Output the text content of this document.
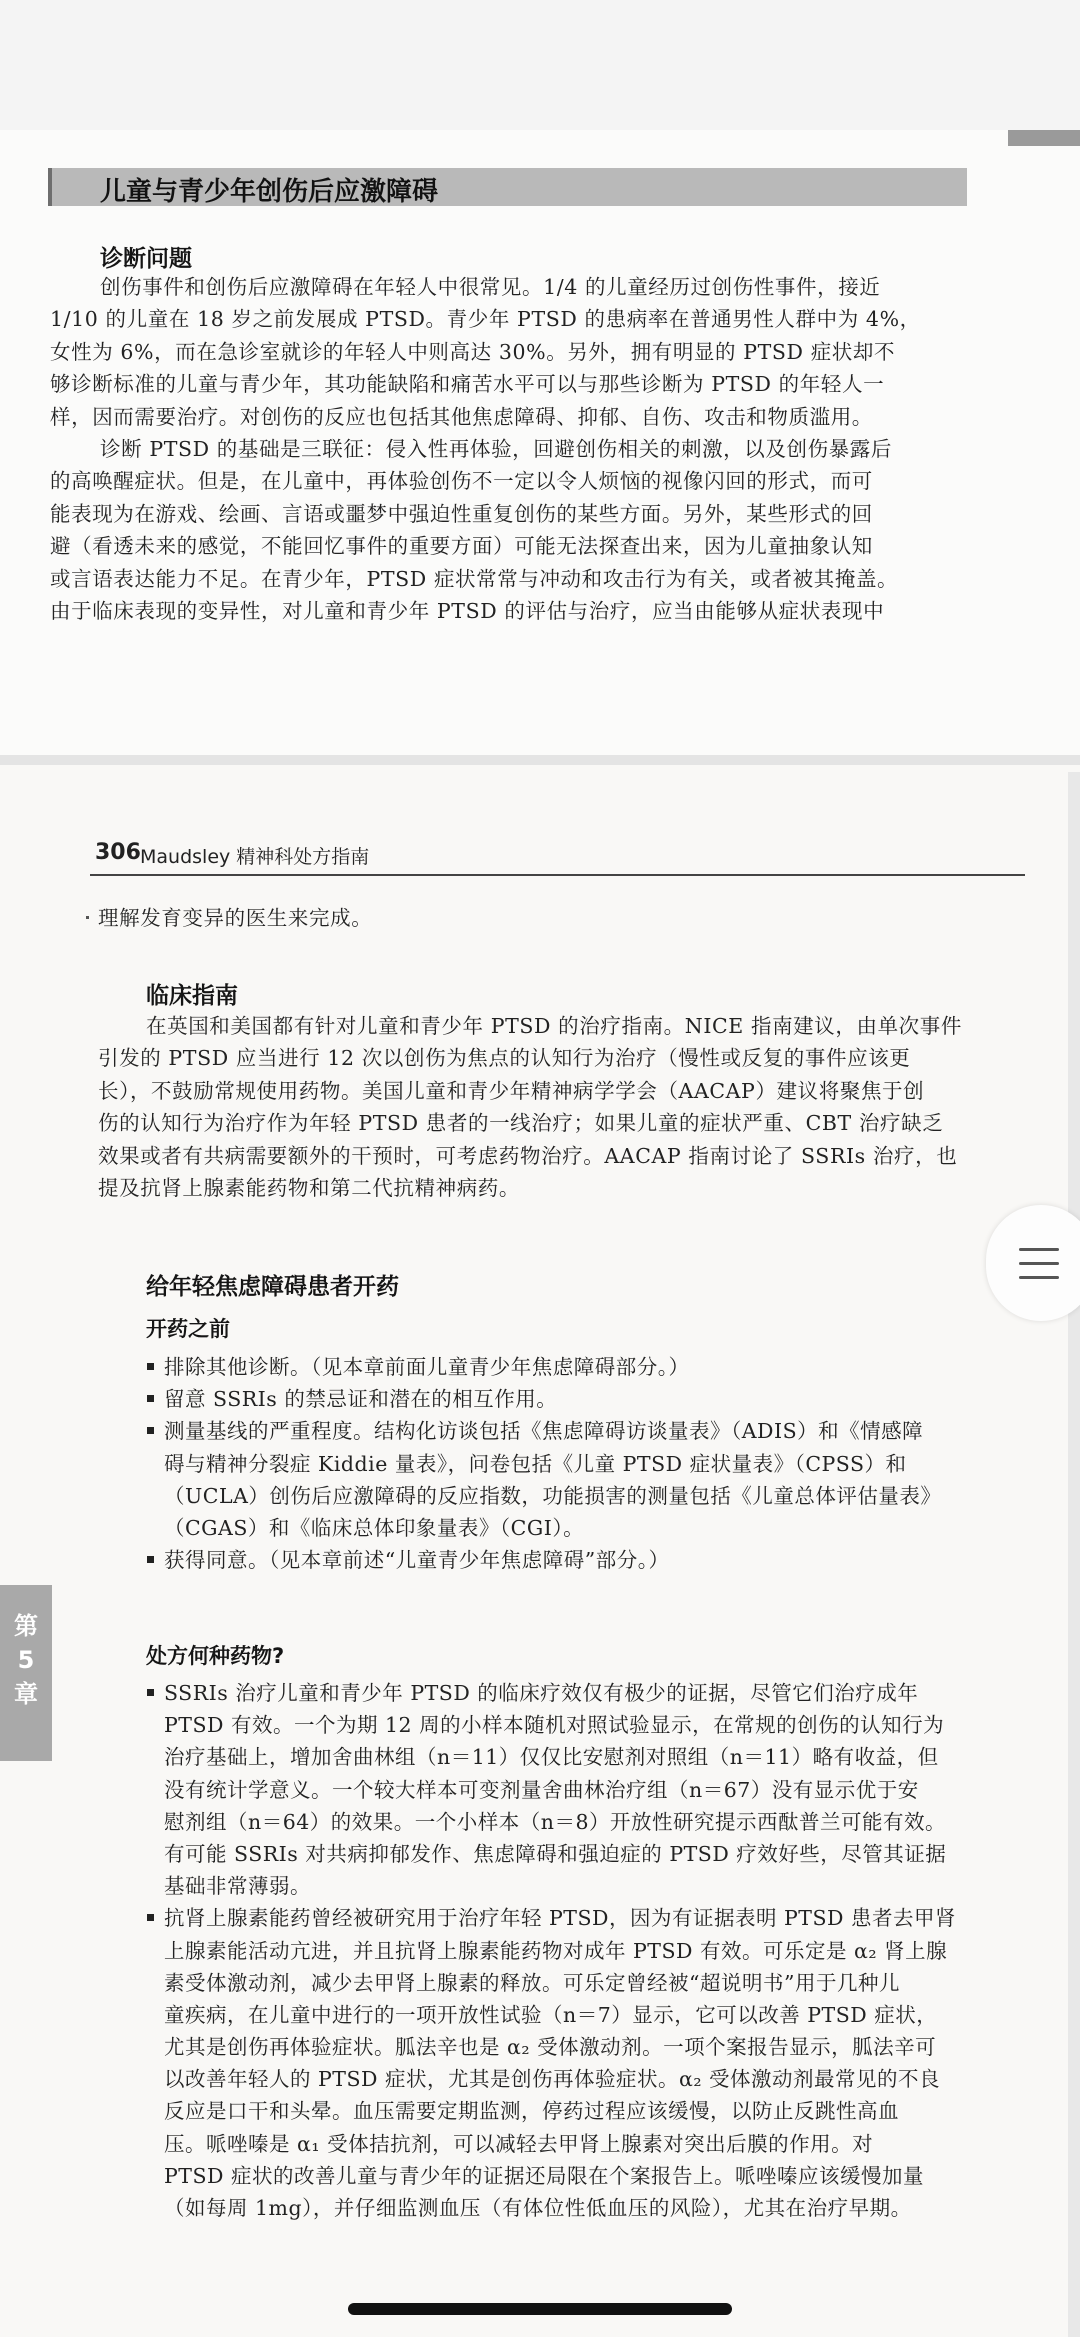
儿童与青少年创伤后应激障碍
诊断问题
创伤事件和创伤后应激障碍在年轻人中很常见。1/4 的儿童经历过创伤性事件，接近
1/10 的儿童在 18 岁之前发展成 PTSD。青少年 PTSD 的患病率在普通男性人群中为 4%，
女性为 6%，而在急诊室就诊的年轻人中则高达 30%。另外，拥有明显的 PTSD 症状却不
够诊断标准的儿童与青少年，其功能缺陷和痛苦水平可以与那些诊断为 PTSD 的年轻人一
样，因而需要治疗。对创伤的反应也包括其他焦虑障碍、抑郁、自伤、攻击和物质滥用。
诊断 PTSD 的基础是三联征：侵入性再体验，回避创伤相关的刺激，以及创伤暴露后
的高唤醒症状。但是，在儿童中，再体验创伤不一定以令人烦恼的视像闪回的形式，而可
能表现为在游戏、绘画、言语或噩梦中强迫性重复创伤的某些方面。另外，某些形式的回
避（看透未来的感觉，不能回忆事件的重要方面）可能无法探查出来，因为儿童抽象认知
或言语表达能力不足。在青少年，PTSD 症状常常与冲动和攻击行为有关，或者被其掩盖。
由于临床表现的变异性，对儿童和青少年 PTSD 的评估与治疗，应当由能够从症状表现中
306 Maudsley 精神科处方指南
理解发育变异的医生来完成。
临床指南
在英国和美国都有针对儿童和青少年 PTSD 的治疗指南。NICE 指南建议，由单次事件
引发的 PTSD 应当进行 12 次以创伤为焦点的认知行为治疗（慢性或反复的事件应该更
长），不鼓励常规使用药物。美国儿童和青少年精神病学学会（AACAP）建议将聚焦于创
伤的认知行为治疗作为年轻 PTSD 患者的一线治疗；如果儿童的症状严重、CBT 治疗缺乏
效果或者有共病需要额外的干预时，可考虑药物治疗。AACAP 指南讨论了 SSRIs 治疗，也
提及抗肾上腺素能药物和第二代抗精神病药。
给年轻焦虑障碍患者开药
开药之前
排除其他诊断。（见本章前面儿童青少年焦虑障碍部分。）
留意 SSRIs 的禁忌证和潜在的相互作用。
测量基线的严重程度。结构化访谈包括《焦虑障碍访谈量表》（ADIS）和《情感障
碍与精神分裂症 Kiddie 量表》，问卷包括《儿童 PTSD 症状量表》（CPSS）和
（UCLA）创伤后应激障碍的反应指数，功能损害的测量包括《儿童总体评估量表》
（CGAS）和《临床总体印象量表》（CGI）。
获得同意。（见本章前述“儿童青少年焦虑障碍”部分。）
处方何种药物?
SSRIs 治疗儿童和青少年 PTSD 的临床疗效仅有极少的证据，尽管它们治疗成年
PTSD 有效。一个为期 12 周的小样本随机对照试验显示，在常规的创伤的认知行为
治疗基础上，增加舍曲林组（n＝11）仅仅比安慰剂对照组（n＝11）略有收益，但
没有统计学意义。一个较大样本可变剂量舍曲林治疗组（n＝67）没有显示优于安
慰剂组（n＝64）的效果。一个小样本（n＝8）开放性研究提示西酞普兰可能有效。
有可能 SSRIs 对共病抑郁发作、焦虑障碍和强迫症的 PTSD 疗效好些，尽管其证据
基础非常薄弱。
抗肾上腺素能药曾经被研究用于治疗年轻 PTSD，因为有证据表明 PTSD 患者去甲肾
上腺素能活动亢进，并且抗肾上腺素能药物对成年 PTSD 有效。可乐定是 α₂ 肾上腺
素受体激动剂，减少去甲肾上腺素的释放。可乐定曾经被“超说明书”用于几种儿
童疾病，在儿童中进行的一项开放性试验（n＝7）显示，它可以改善 PTSD 症状，
尤其是创伤再体验症状。胍法辛也是 α₂ 受体激动剂。一项个案报告显示，胍法辛可
以改善年轻人的 PTSD 症状，尤其是创伤再体验症状。α₂ 受体激动剂最常见的不良
反应是口干和头晕。血压需要定期监测，停药过程应该缓慢，以防止反跳性高血
压。哌唑嗪是 α₁ 受体拮抗剂，可以减轻去甲肾上腺素对突出后膜的作用。对
PTSD 症状的改善儿童与青少年的证据还局限在个案报告上。哌唑嗪应该缓慢加量
（如每周 1mg），并仔细监测血压（有体位性低血压的风险），尤其在治疗早期。
第
5
章
